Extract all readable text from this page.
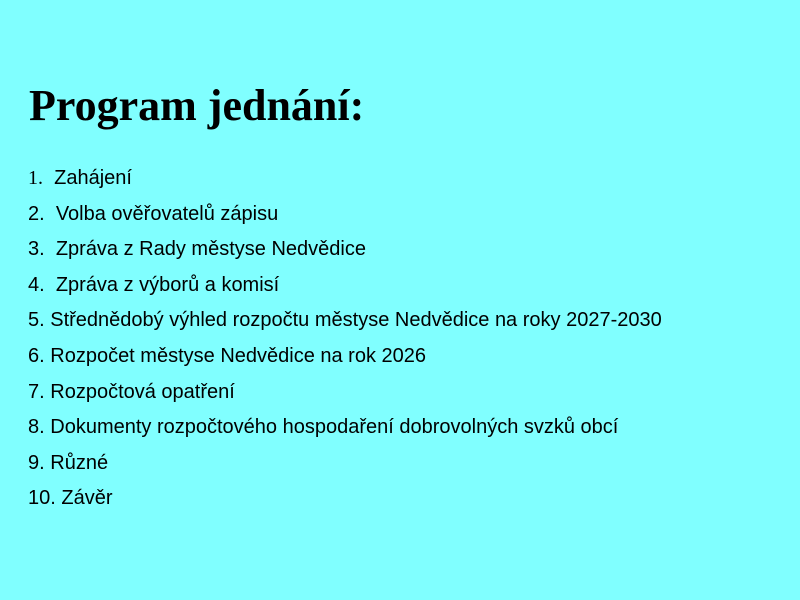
Program jednání:
1. Zahájení
2. Volba ověřovatelů zápisu
3. Zpráva z Rady městyse Nedvědice
4. Zpráva z výborů a komisí
5. Střednědobý výhled rozpočtu městyse Nedvědice na roky 2027-2030
6. Rozpočet městyse Nedvědice na rok 2026
7. Rozpočtová opatření
8. Dokumenty rozpočtového hospodaření dobrovolných svzků obcí
9. Různé
10. Závěr
